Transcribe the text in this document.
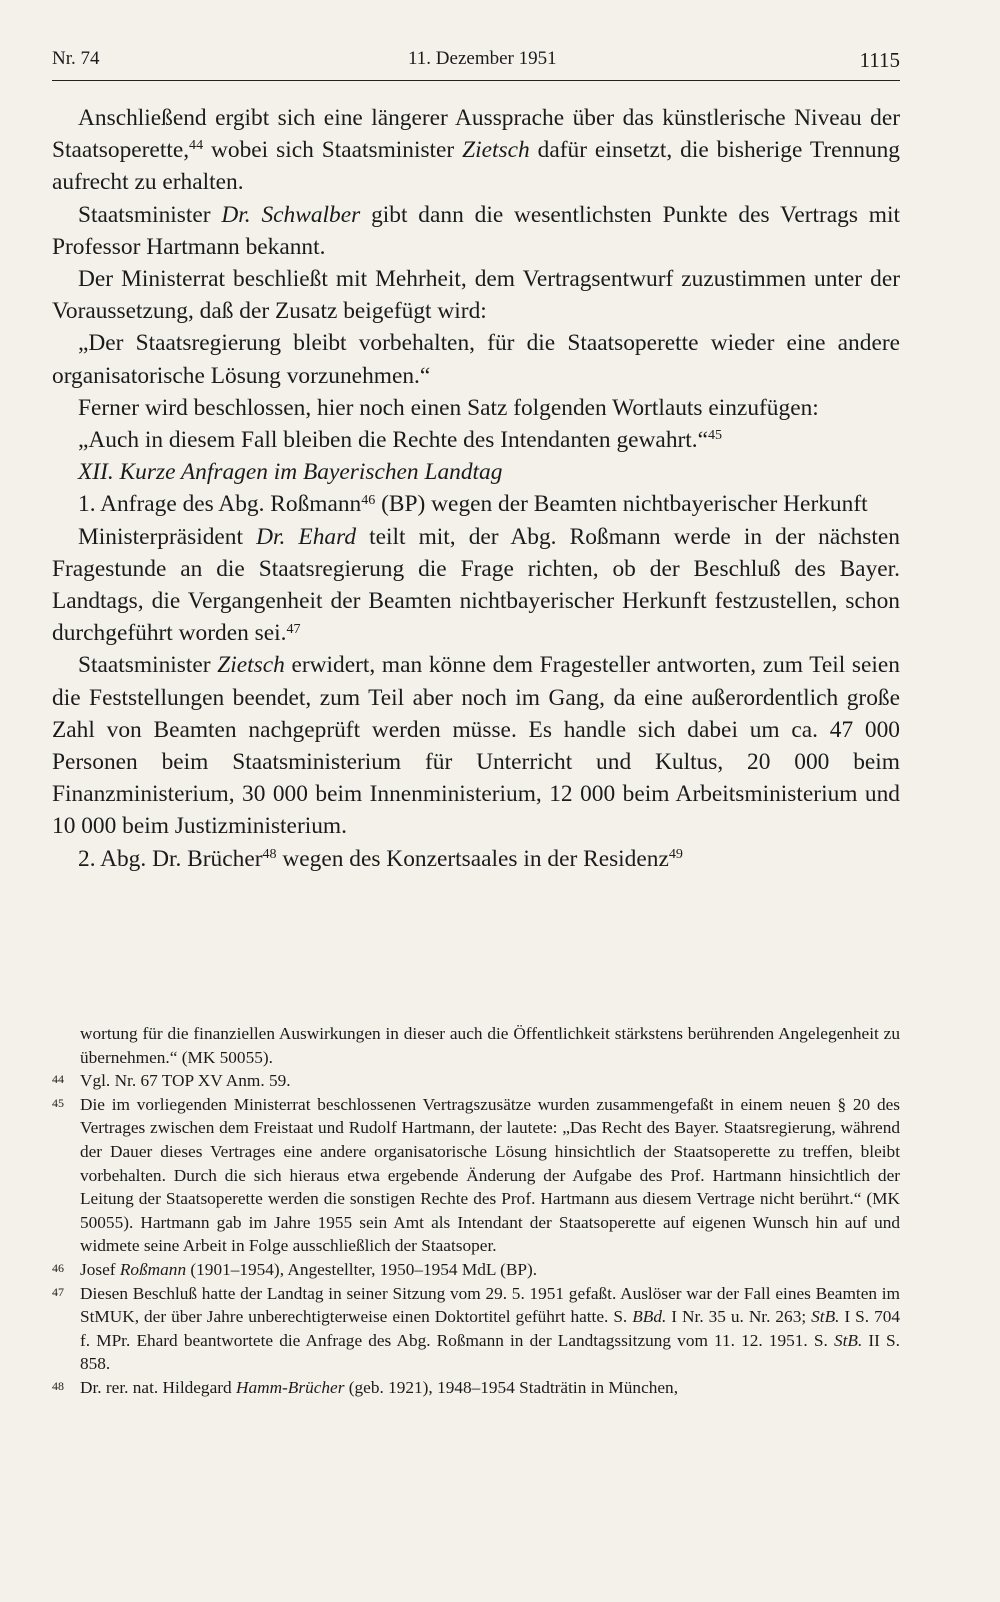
Nr. 74	11. Dezember 1951	1115

Anschließend ergibt sich eine längerer Aussprache über das künstlerische Niveau der Staatsoperette,$^{44}$ wobei sich Staatsminister Zietsch dafür einsetzt, die bisherige Trennung aufrecht zu erhalten.

Staatsminister Dr. Schwalber gibt dann die wesentlichsten Punkte des Vertrags mit Professor Hartmann bekannt.

Der Ministerrat beschließt mit Mehrheit, dem Vertragsentwurf zuzustimmen unter der Voraussetzung, daß der Zusatz beigefügt wird:

„Der Staatsregierung bleibt vorbehalten, für die Staatsoperette wieder eine andere organisatorische Lösung vorzunehmen.“

Ferner wird beschlossen, hier noch einen Satz folgenden Wortlauts einzufügen:

„Auch in diesem Fall bleiben die Rechte des Intendanten gewahrt.“$^{45}$

XII. Kurze Anfragen im Bayerischen Landtag

1. Anfrage des Abg. Roßmann$^{46}$ (BP) wegen der Beamten nichtbayerischer Herkunft

Ministerpräsident Dr. Ehard teilt mit, der Abg. Roßmann werde in der nächsten Fragestunde an die Staatsregierung die Frage richten, ob der Beschluß des Bayer. Landtags, die Vergangenheit der Beamten nichtbayerischer Herkunft festzustellen, schon durchgeführt worden sei.$^{47}$

Staatsminister Zietsch erwidert, man könne dem Fragesteller antworten, zum Teil seien die Feststellungen beendet, zum Teil aber noch im Gang, da eine außerordentlich große Zahl von Beamten nachgeprüft werden müsse. Es handle sich dabei um ca. 47 000 Personen beim Staatsministerium für Unterricht und Kultus, 20 000 beim Finanzministerium, 30 000 beim Innenministerium, 12 000 beim Arbeitsministerium und 10 000 beim Justizministerium.

2. Abg. Dr. Brücher$^{48}$ wegen des Konzertsaales in der Residenz$^{49}$

wortung für die finanziellen Auswirkungen in dieser auch die Öffentlichkeit stärkstens berührenden Angelegenheit zu übernehmen.“ (MK 50055).
44 Vgl. Nr. 67 TOP XV Anm. 59.
45 Die im vorliegenden Ministerrat beschlossenen Vertragszusätze wurden zusammengefaßt in einem neuen § 20 des Vertrages zwischen dem Freistaat und Rudolf Hartmann, der lautete: „Das Recht des Bayer. Staatsregierung, während der Dauer dieses Vertrages eine andere organisatorische Lösung hinsichtlich der Staatsoperette zu treffen, bleibt vorbehalten. Durch die sich hieraus etwa ergebende Änderung der Aufgabe des Prof. Hartmann hinsichtlich der Leitung der Staatsoperette werden die sonstigen Rechte des Prof. Hartmann aus diesem Vertrage nicht berührt.“ (MK 50055). Hartmann gab im Jahre 1955 sein Amt als Intendant der Staatsoperette auf eigenen Wunsch hin auf und widmete seine Arbeit in Folge ausschließlich der Staatsoper.
46 Josef Roßmann (1901–1954), Angestellter, 1950–1954 MdL (BP).
47 Diesen Beschluß hatte der Landtag in seiner Sitzung vom 29. 5. 1951 gefaßt. Auslöser war der Fall eines Beamten im StMUK, der über Jahre unberechtigterweise einen Doktortitel geführt hatte. S. BBd. I Nr. 35 u. Nr. 263; StB. I S. 704 f. MPr. Ehard beantwortete die Anfrage des Abg. Roßmann in der Landtagssitzung vom 11. 12. 1951. S. StB. II S. 858.
48 Dr. rer. nat. Hildegard Hamm-Brücher (geb. 1921), 1948–1954 Stadträtin in München,
